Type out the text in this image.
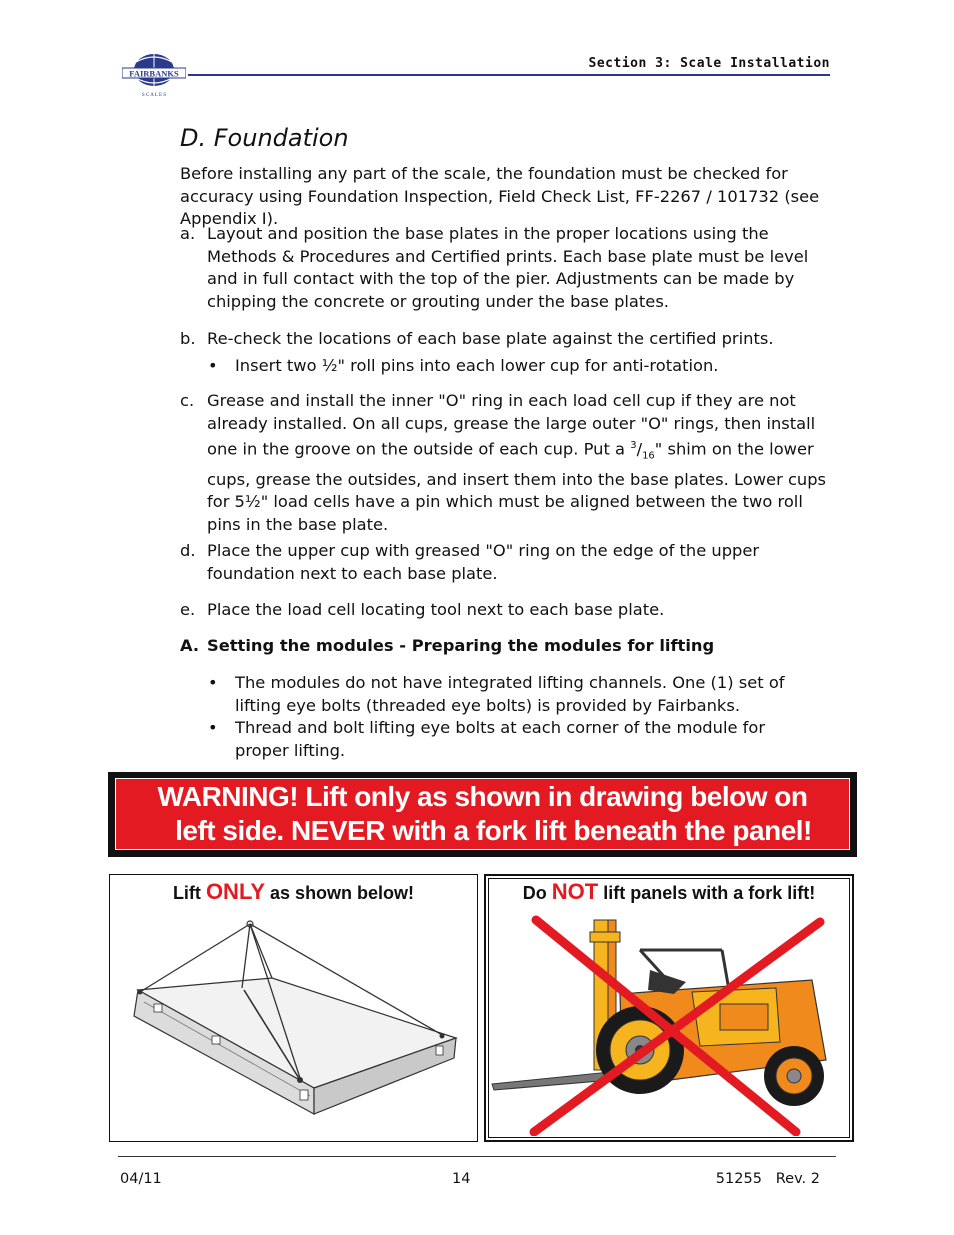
FAIRBANKS
S C A L E S
Section 3: Scale Installation
D. Foundation
Before installing any part of the scale, the foundation must be checked for accuracy using Foundation Inspection, Field Check List, FF-2267 / 101732 (see Appendix I).
a. Layout and position the base plates in the proper locations using the Methods & Procedures and Certified prints. Each base plate must be level and in full contact with the top of the pier. Adjustments can be made by chipping the concrete or grouting under the base plates.
b. Re-check the locations of each base plate against the certified prints.
•	Insert two ½" roll pins into each lower cup for anti-rotation.
c. Grease and install the inner "O" ring in each load cell cup if they are not already installed. On all cups, grease the large outer "O" rings, then install one in the groove on the outside of each cup. Put a $^3/_{16}$" shim on the lower cups, grease the outsides, and insert them into the base plates. Lower cups for 5½" load cells have a pin which must be aligned between the two roll pins in the base plate.
d. Place the upper cup with greased "O" ring on the edge of the upper foundation next to each base plate.
e. Place the load cell locating tool next to each base plate.
A. Setting the modules - Preparing the modules for lifting
•	The modules do not have integrated lifting channels. One (1) set of lifting eye bolts (threaded eye bolts) is provided by Fairbanks.
•	Thread and bolt lifting eye bolts at each corner of the module for proper lifting.
WARNING! Lift only as shown in drawing below on
left side. NEVER with a fork lift beneath the panel!
Lift ONLY as shown below!	Do NOT lift panels with a fork lift!
04/11	14	51255   Rev. 2
